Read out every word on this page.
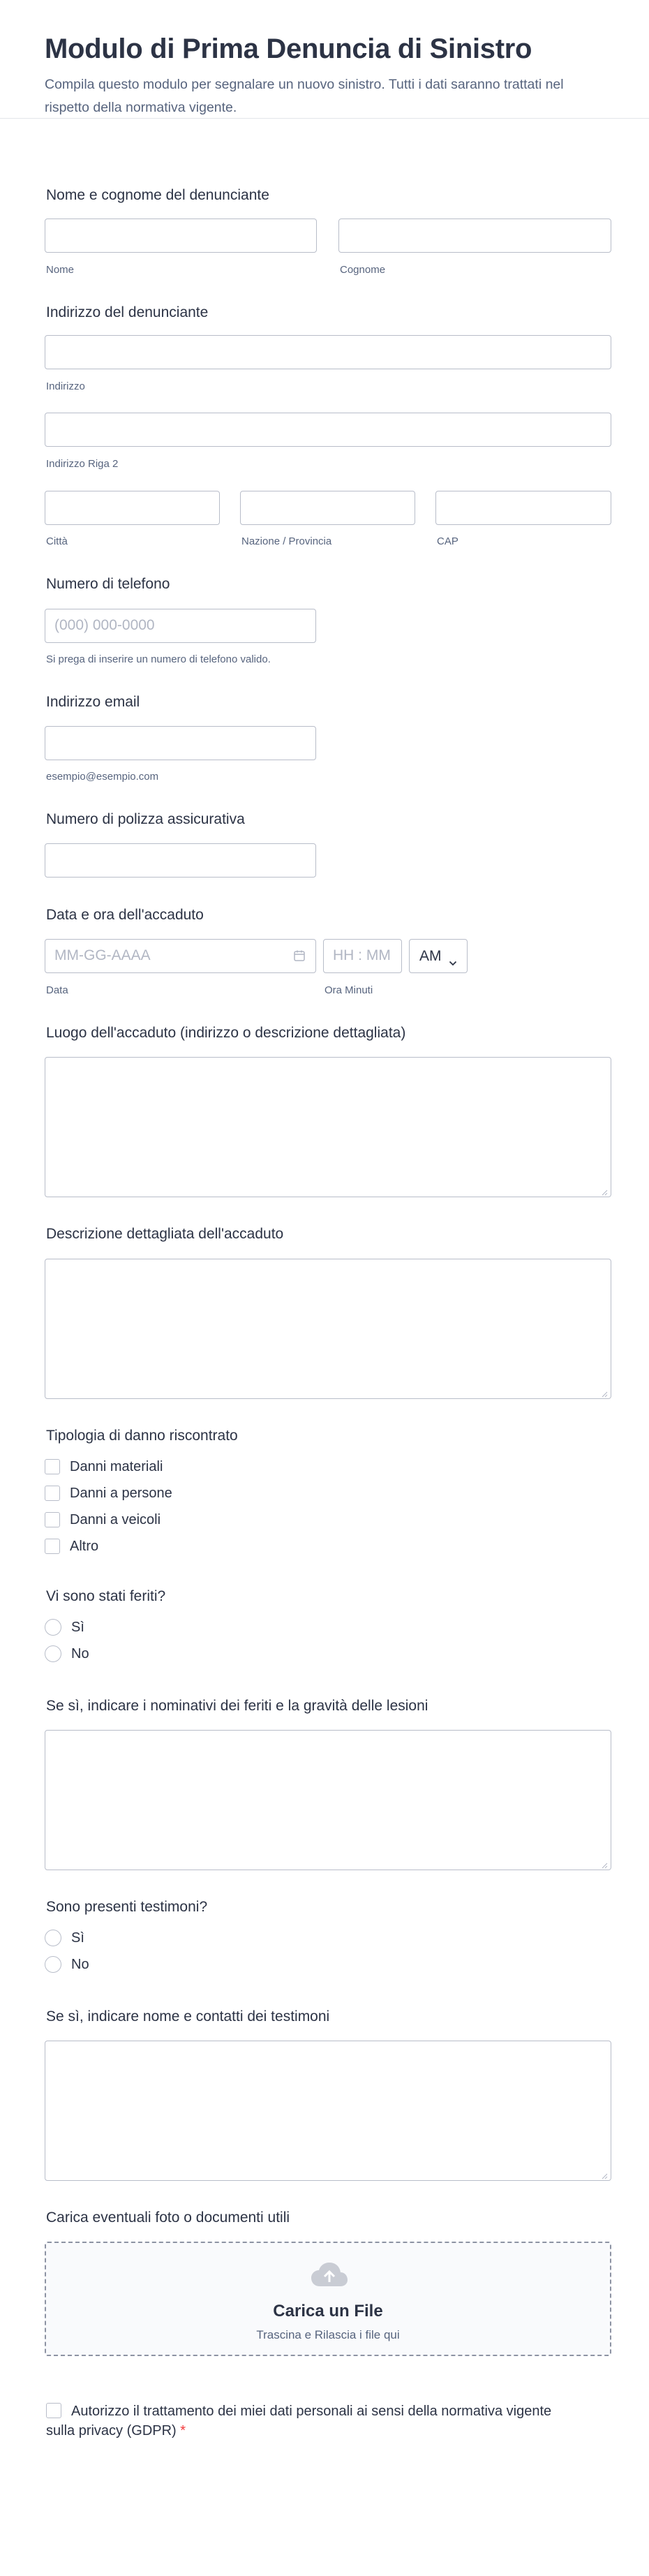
Modulo di Prima Denuncia di Sinistro

Compila questo modulo per segnalare un nuovo sinistro. Tutti i dati saranno trattati nel rispetto della normativa vigente.

Nome e cognome del denunciante
Nome	Cognome
Indirizzo del denunciante
Indirizzo
Indirizzo Riga 2
Città	Nazione / Provincia	CAP
Numero di telefono
(000) 000-0000
Si prega di inserire un numero di telefono valido.
Indirizzo email
esempio@esempio.com
Numero di polizza assicurativa
Data e ora dell'accaduto
MM-GG-AAAA	HH : MM AM
Data	Ora Minuti
Luogo dell'accaduto (indirizzo o descrizione dettagliata)
Descrizione dettagliata dell'accaduto
Tipologia di danno riscontrato
Danni materiali
Danni a persone
Danni a veicoli
Altro
Vi sono stati feriti?
Sì
No
Se sì, indicare i nominativi dei feriti e la gravità delle lesioni
Sono presenti testimoni?
Sì
No
Se sì, indicare nome e contatti dei testimoni
Carica eventuali foto o documenti utili
Carica un File
Trascina e Rilascia i file qui
Autorizzo il trattamento dei miei dati personali ai sensi della normativa vigente sulla privacy (GDPR) *
